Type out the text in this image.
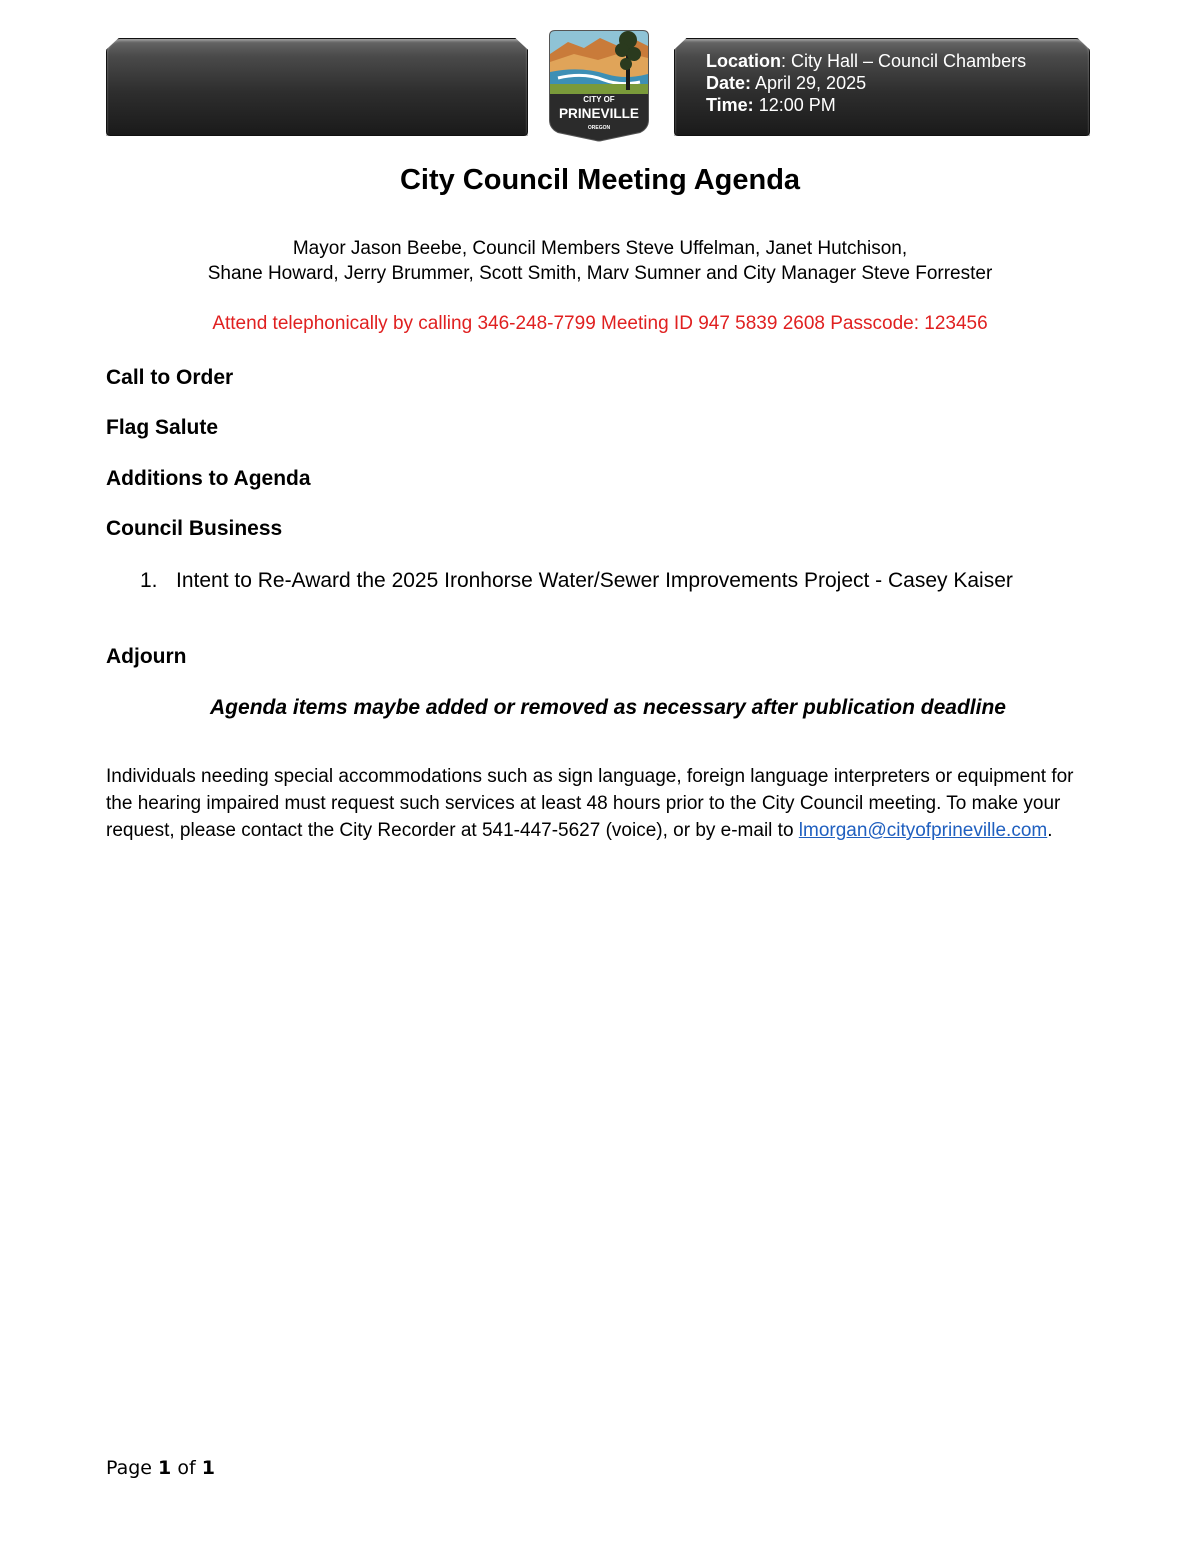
Location: City Hall – Council Chambers
Date: April 29, 2025
Time: 12:00 PM
CITY OF
PRINEVILLE
OREGON
City Council Meeting Agenda
Mayor Jason Beebe, Council Members Steve Uffelman, Janet Hutchison,
Shane Howard, Jerry Brummer, Scott Smith, Marv Sumner and City Manager Steve Forrester
Attend telephonically by calling 346-248-7799 Meeting ID 947 5839 2608 Passcode: 123456
Call to Order
Flag Salute
Additions to Agenda
Council Business
1. Intent to Re-Award the 2025 Ironhorse Water/Sewer Improvements Project - Casey Kaiser
Adjourn
Agenda items maybe added or removed as necessary after publication deadline
Individuals needing special accommodations such as sign language, foreign language interpreters or equipment for the hearing impaired must request such services at least 48 hours prior to the City Council meeting. To make your request, please contact the City Recorder at 541-447-5627 (voice), or by e-mail to lmorgan@cityofprineville.com.
Page 1 of 1
